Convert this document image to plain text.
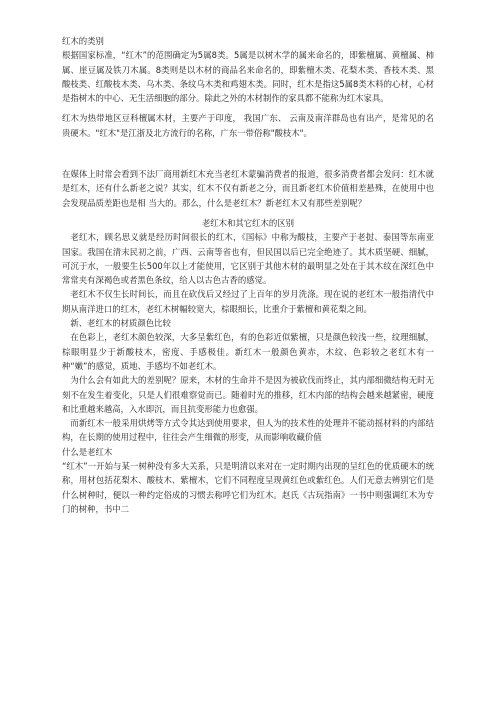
红木的类别

根据国家标准，“红木”的范围确定为5属8类。5属是以树木学的属来命名的，即紫檀属、黄檀属、柿属、崖豆属及铁刀木属。8类则是以木材的商品名来命名的，即紫檀木类、花梨木类、香枝木类、黑酸枝类、红酸枝木类、乌木类、条纹乌木类和鸡翅木类。同时，红木是指这5属8类木料的心材，心材是指树木的中心、无生活细胞的部分。除此之外的木材制作的家具都不能称为红木家具。

红木为热带地区豆科檀属木材，主要产于印度， 我国广东、 云南及南洋群岛也有出产，是常见的名贵硬木。"红木"是江浙及北方流行的名称，广东一带俗称"酸枝木"。

在媒体上时常会看到不法厂商用新红木充当老红木蒙骗消费者的报道，很多消费者都会发问：红木就是红木，还有什么新老之说？其实，红木不仅有新老之分，而且新老红木价值相差悬殊，在使用中也会发现品质差距也是相 当大的。那么，什么是老红木？新老红木又有那些差别呢？

老红木和其它红木的区别

老红木，顾名思义就是经历时间很长的红木，《国标》中称为酸枝，主要产于老挝、泰国等东南亚国家。我国在清末民初之前，广西、云南等省也有，但民国以后已完全绝迹了。其木质坚硬、细腻，可沉于水，一般要生长500年以上才能使用，它区别于其他木材的最明显之处在于其木纹在深红色中常常夹有深褐色或者黑色条纹，给人以古色古香的感觉。

老红木不仅生长时间长，而且在砍伐后又经过了上百年的岁月洗涤。现在说的老红木一般指清代中期从南洋进口的红木，老红木树幅较宽大，棕眼细长，比重介于紫檀和黄花梨之间。

新、老红木的材质颜色比较

在色彩上，老红木颜色较深，大多呈紫红色，有的色彩近似紫檀，只是颜色较浅一些，纹理细腻，棕眼明显少于新酸枝木，密度、手感极佳。新红木一般颜色黄赤，木纹、色彩较之老红木有一种“嫩”的感觉，质地、手感均不如老红木。

为什么会有如此大的差别呢？原来，木材的生命并不是因为被砍伐而终止，其内部细微结构无时无刻不在发生着变化，只是人们很难察觉而已。随着时光的推移，红木内部的结构会越来越紧密，硬度和比重越来越高，入水即沉，而且抗变形能力也愈强。

而新红木一般采用烘烤等方式令其达到使用要求，但人为的技术性的处理并不能动摇材料的内部结构，在长期的使用过程中，往往会产生细微的形变，从而影响收藏价值

什么是老红木

“红木”一开始与某一树种没有多大关系，只是明清以来对在一定时期内出现的呈红色的优质硬木的统称，用材包括花梨木、酸枝木、紫檀木，它们不同程度呈现黄红色或紫红色。人们无意去辨别它们是什么树种时，便以一种约定俗成的习惯去称呼它们为红木。赵氏《古玩指南》一书中则强调红木为专门的树种，书中二
